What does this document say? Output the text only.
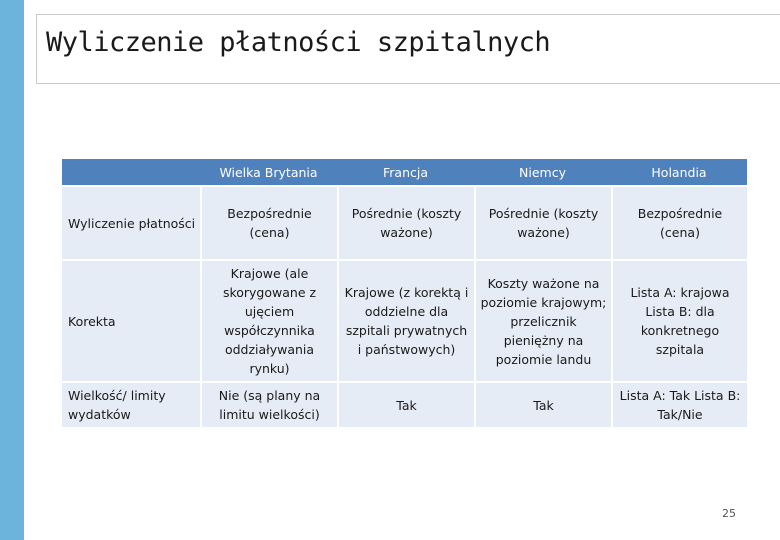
Wyliczenie płatności szpitalnych
	Wielka Brytania	Francja	Niemcy	Holandia
Wyliczenie płatności	Bezpośrednie (cena)	Pośrednie (koszty ważone)	Pośrednie (koszty ważone)	Bezpośrednie (cena)
Korekta	Krajowe (ale skorygowane z ujęciem współczynnika oddziaływania rynku)	Krajowe (z korektą i oddzielne dla szpitali prywatnych i państwowych)	Koszty ważone na poziomie krajowym; przelicznik pieniężny na poziomie landu	Lista A: krajowa Lista B: dla konkretnego szpitala
Wielkość/ limity wydatków	Nie (są plany na limitu wielkości)	Tak	Tak	Lista A: Tak Lista B: Tak/Nie
25
